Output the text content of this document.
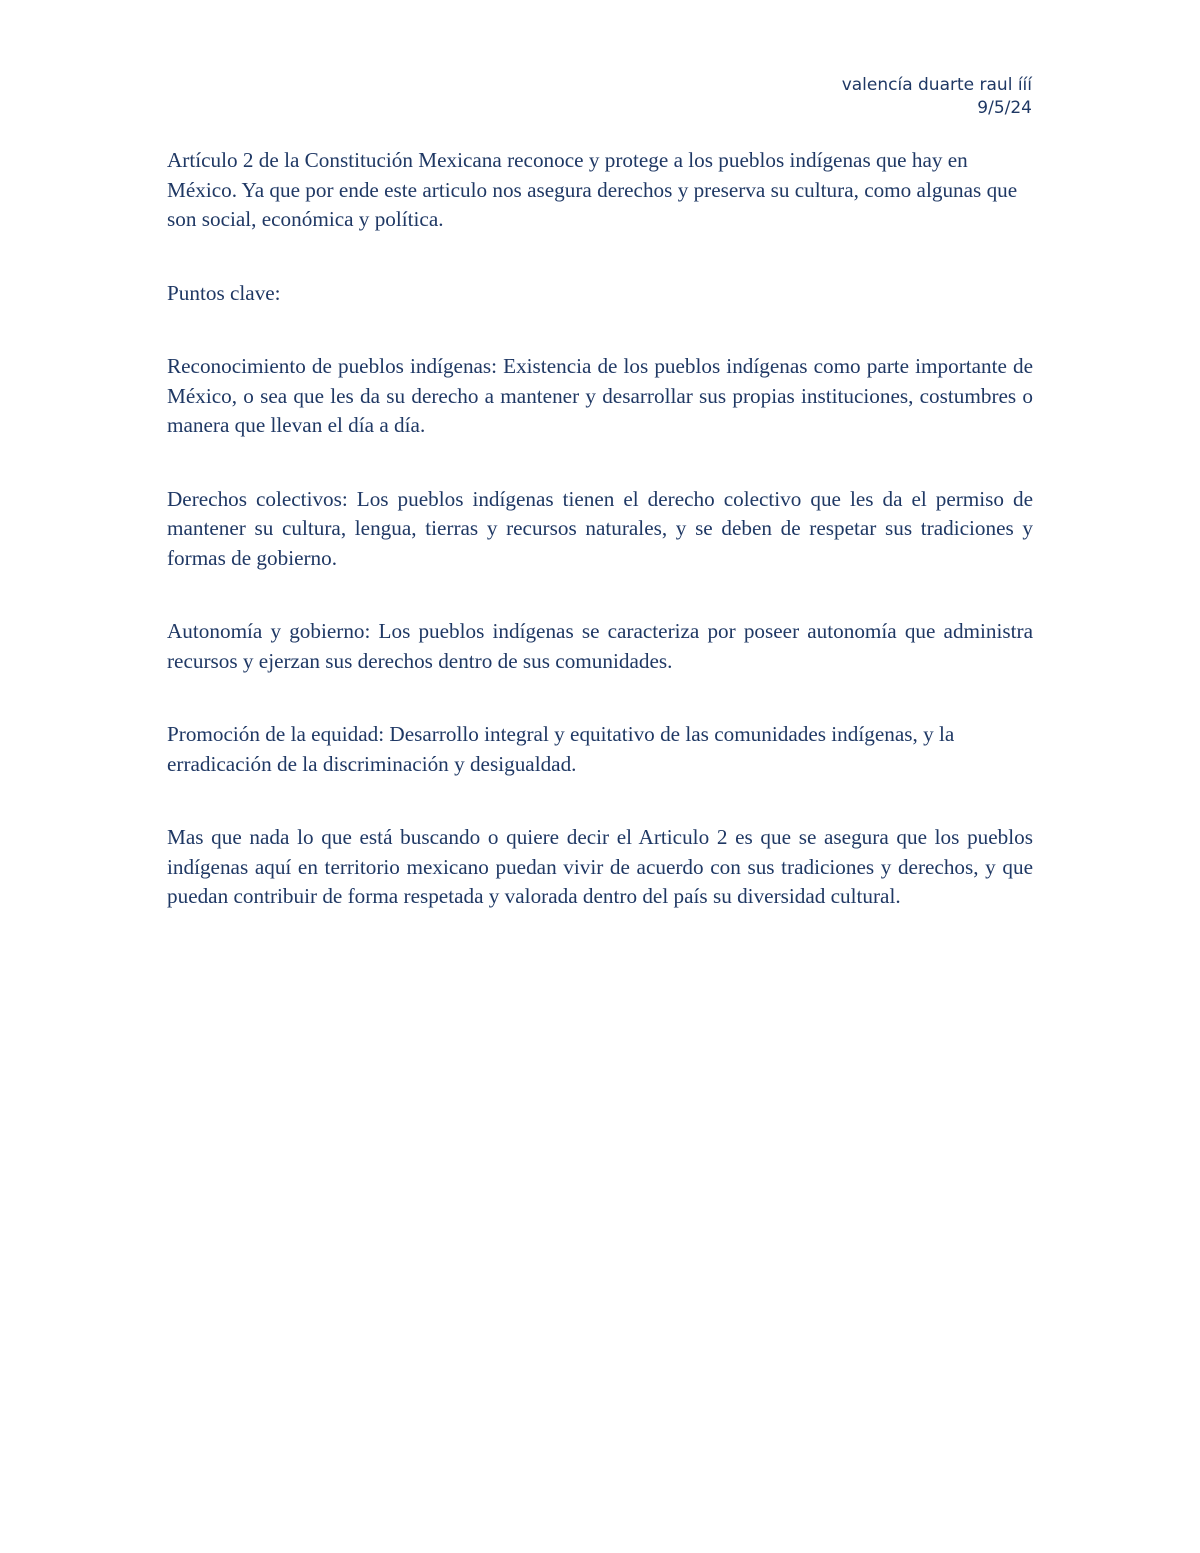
valencía duarte raul ííí
9/5/24

Artículo 2 de la Constitución Mexicana reconoce y protege a los pueblos indígenas que hay en México. Ya que por ende este articulo nos asegura derechos y preserva su cultura, como algunas que son social, económica y política.

Puntos clave:

Reconocimiento de pueblos indígenas: Existencia de los pueblos indígenas como parte importante de México, o sea que les da su derecho a mantener y desarrollar sus propias instituciones, costumbres o manera que llevan el día a día.

Derechos colectivos: Los pueblos indígenas tienen el derecho colectivo que les da el permiso de mantener su cultura, lengua, tierras y recursos naturales, y se deben de respetar sus tradiciones y formas de gobierno.

Autonomía y gobierno: Los pueblos indígenas se caracteriza por poseer autonomía que administra recursos y ejerzan sus derechos dentro de sus comunidades.

Promoción de la equidad: Desarrollo integral y equitativo de las comunidades indígenas, y la erradicación de la discriminación y desigualdad.

Mas que nada lo que está buscando o quiere decir el Articulo 2 es que se asegura que los pueblos indígenas aquí en territorio mexicano puedan vivir de acuerdo con sus tradiciones y derechos, y que puedan contribuir de forma respetada y valorada dentro del país su diversidad cultural.
